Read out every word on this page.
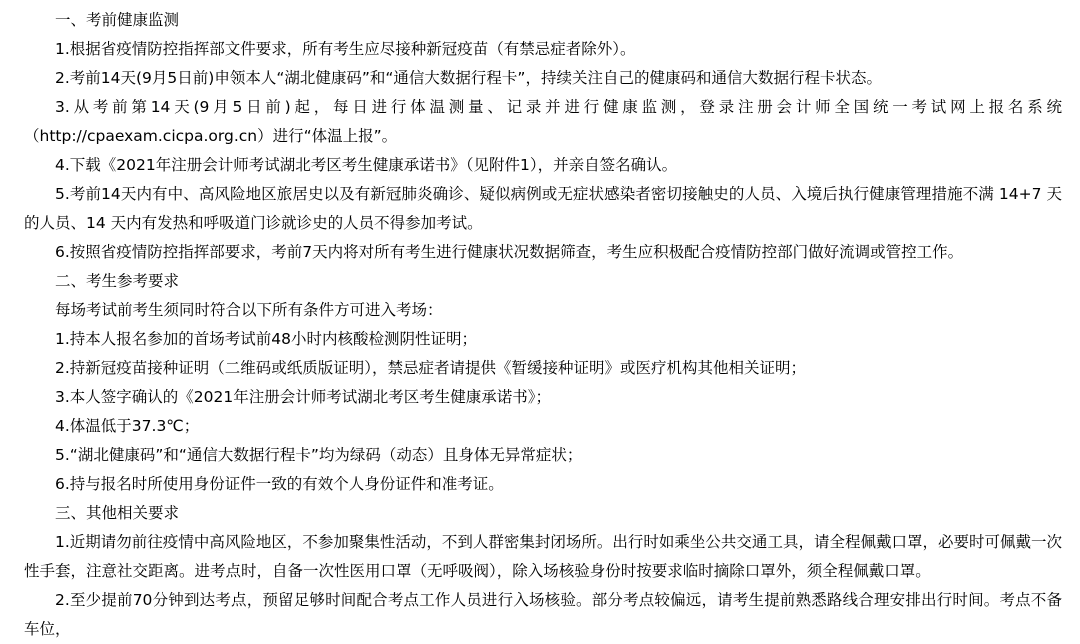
一、考前健康监测

1.根据省疫情防控指挥部文件要求，所有考生应尽接种新冠疫苗（有禁忌症者除外）。

2.考前14天(9月5日前)申领本人“湖北健康码”和“通信大数据行程卡”，持续关注自己的健康码和通信大数据行程卡状态。

3.从考前第14天(9月5日前)起，每日进行体温测量、记录并进行健康监测，登录注册会计师全国统一考试网上报名系统（http://cpaexam.cicpa.org.cn）进行“体温上报”。

4.下载《2021年注册会计师考试湖北考区考生健康承诺书》（见附件1），并亲自签名确认。

5.考前14天内有中、高风险地区旅居史以及有新冠肺炎确诊、疑似病例或无症状感染者密切接触史的人员、入境后执行健康管理措施不满 14+7 天的人员、14 天内有发热和呼吸道门诊就诊史的人员不得参加考试。

6.按照省疫情防控指挥部要求，考前7天内将对所有考生进行健康状况数据筛查，考生应积极配合疫情防控部门做好流调或管控工作。

二、考生参考要求

每场考试前考生须同时符合以下所有条件方可进入考场：

1.持本人报名参加的首场考试前48小时内核酸检测阴性证明；

2.持新冠疫苗接种证明（二维码或纸质版证明），禁忌症者请提供《暂缓接种证明》或医疗机构其他相关证明；

3.本人签字确认的《2021年注册会计师考试湖北考区考生健康承诺书》；

4.体温低于37.3℃；

5.“湖北健康码”和“通信大数据行程卡”均为绿码（动态）且身体无异常症状；

6.持与报名时所使用身份证件一致的有效个人身份证件和准考证。

三、其他相关要求

1.近期请勿前往疫情中高风险地区，不参加聚集性活动，不到人群密集封闭场所。出行时如乘坐公共交通工具，请全程佩戴口罩，必要时可佩戴一次性手套，注意社交距离。进考点时，自备一次性医用口罩（无呼吸阀），除入场核验身份时按要求临时摘除口罩外，须全程佩戴口罩。

2.至少提前70分钟到达考点，预留足够时间配合考点工作人员进行入场核验。部分考点较偏远，请考生提前熟悉路线合理安排出行时间。考点不备车位，
